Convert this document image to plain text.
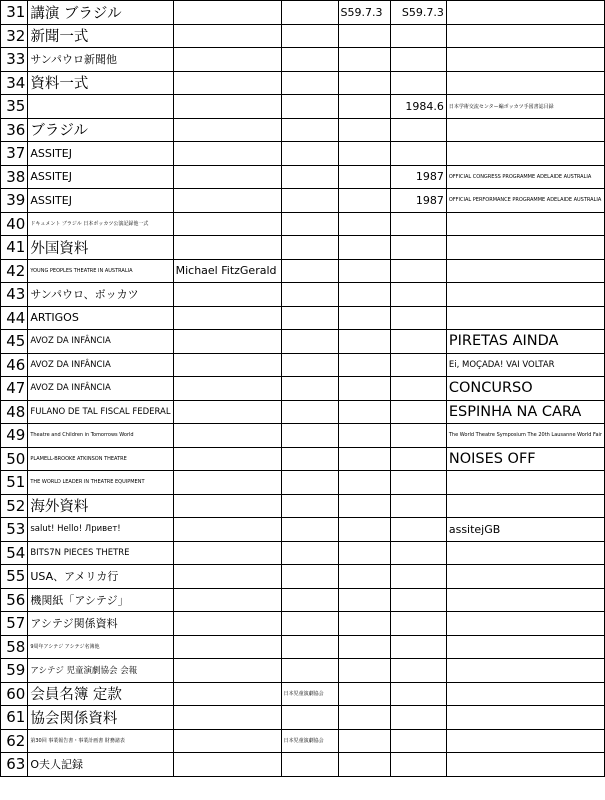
31	講演 ブラジル			S59.7.3	S59.7.3	
32	新聞一式					
33	サンパウロ新聞他					
34	資料一式					
35					1984.6	日本学術交流センター編ボッカツ手図書誌目録
36	ブラジル					
37	ASSITEJ					
38	ASSITEJ				1987	OFFICIAL CONGRESS PROGRAMME ADELAIDE AUSTRALIA
39	ASSITEJ				1987	OFFICIAL PERFORMANCE PROGRAMME ADELAIDE AUSTRALIA
40	ドキュメント ブラジル 日本ボッカツ公演記録他一式					
41	外国資料					
42	YOUNG PEOPLES THEATRE IN AUSTRALIA	Michael FitzGerald				
43	サンパウロ、ボッカツ					
44	ARTIGOS					
45	AVOZ DA INFÂNCIA					PIRETAS AINDA
46	AVOZ DA INFÂNCIA					Ei, MOÇADA! VAI VOLTAR
47	AVOZ DA INFÂNCIA					CONCURSO
48	FULANO DE TAL FISCAL FEDERAL					ESPINHA NA CARA
49	Theatre and Children in Tomorrows World					The World Theatre Symposium The 20th Lausanne World Fair
50	PLAMELL-BROOKE ATKINSON THEATRE					NOISES OFF
51	THE WORLD LEADER IN THEATRE EQUIPMENT					
52	海外資料					
53	salut! Hello! Лривет!					assitejGB
54	BITS7N PIECES THETRE					
55	USA、アメリカ行					
56	機関紙「アシテジ」					
57	アシテジ関係資料					
58	9周年アシテジ アシテジ名簿他					
59	アシテジ 児童演劇協会 会報					
60	会員名簿 定款		日本児童演劇協会			
61	協会関係資料					
62	第30回 事業報告書・事業計画書 財務諸表		日本児童演劇協会			
63	O夫人記録					
